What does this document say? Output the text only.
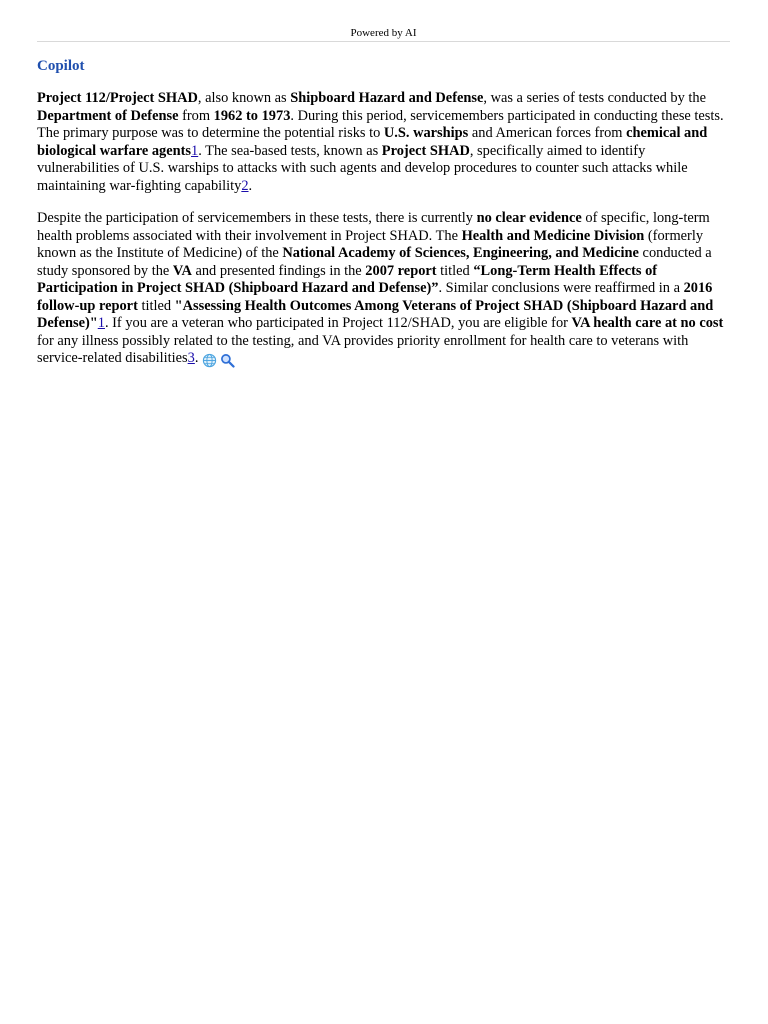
Powered by AI
Copilot

Project 112/Project SHAD, also known as Shipboard Hazard and Defense, was a series of tests conducted by the Department of Defense from 1962 to 1973. During this period, servicemembers participated in conducting these tests. The primary purpose was to determine the potential risks to U.S. warships and American forces from chemical and biological warfare agents1. The sea-based tests, known as Project SHAD, specifically aimed to identify vulnerabilities of U.S. warships to attacks with such agents and develop procedures to counter such attacks while maintaining war-fighting capability2.

Despite the participation of servicemembers in these tests, there is currently no clear evidence of specific, long-term health problems associated with their involvement in Project SHAD. The Health and Medicine Division (formerly known as the Institute of Medicine) of the National Academy of Sciences, Engineering, and Medicine conducted a study sponsored by the VA and presented findings in the 2007 report titled “Long-Term Health Effects of Participation in Project SHAD (Shipboard Hazard and Defense)”. Similar conclusions were reaffirmed in a 2016 follow-up report titled "Assessing Health Outcomes Among Veterans of Project SHAD (Shipboard Hazard and Defense)"1. If you are a veteran who participated in Project 112/SHAD, you are eligible for VA health care at no cost for any illness possibly related to the testing, and VA provides priority enrollment for health care to veterans with service-related disabilities3.
